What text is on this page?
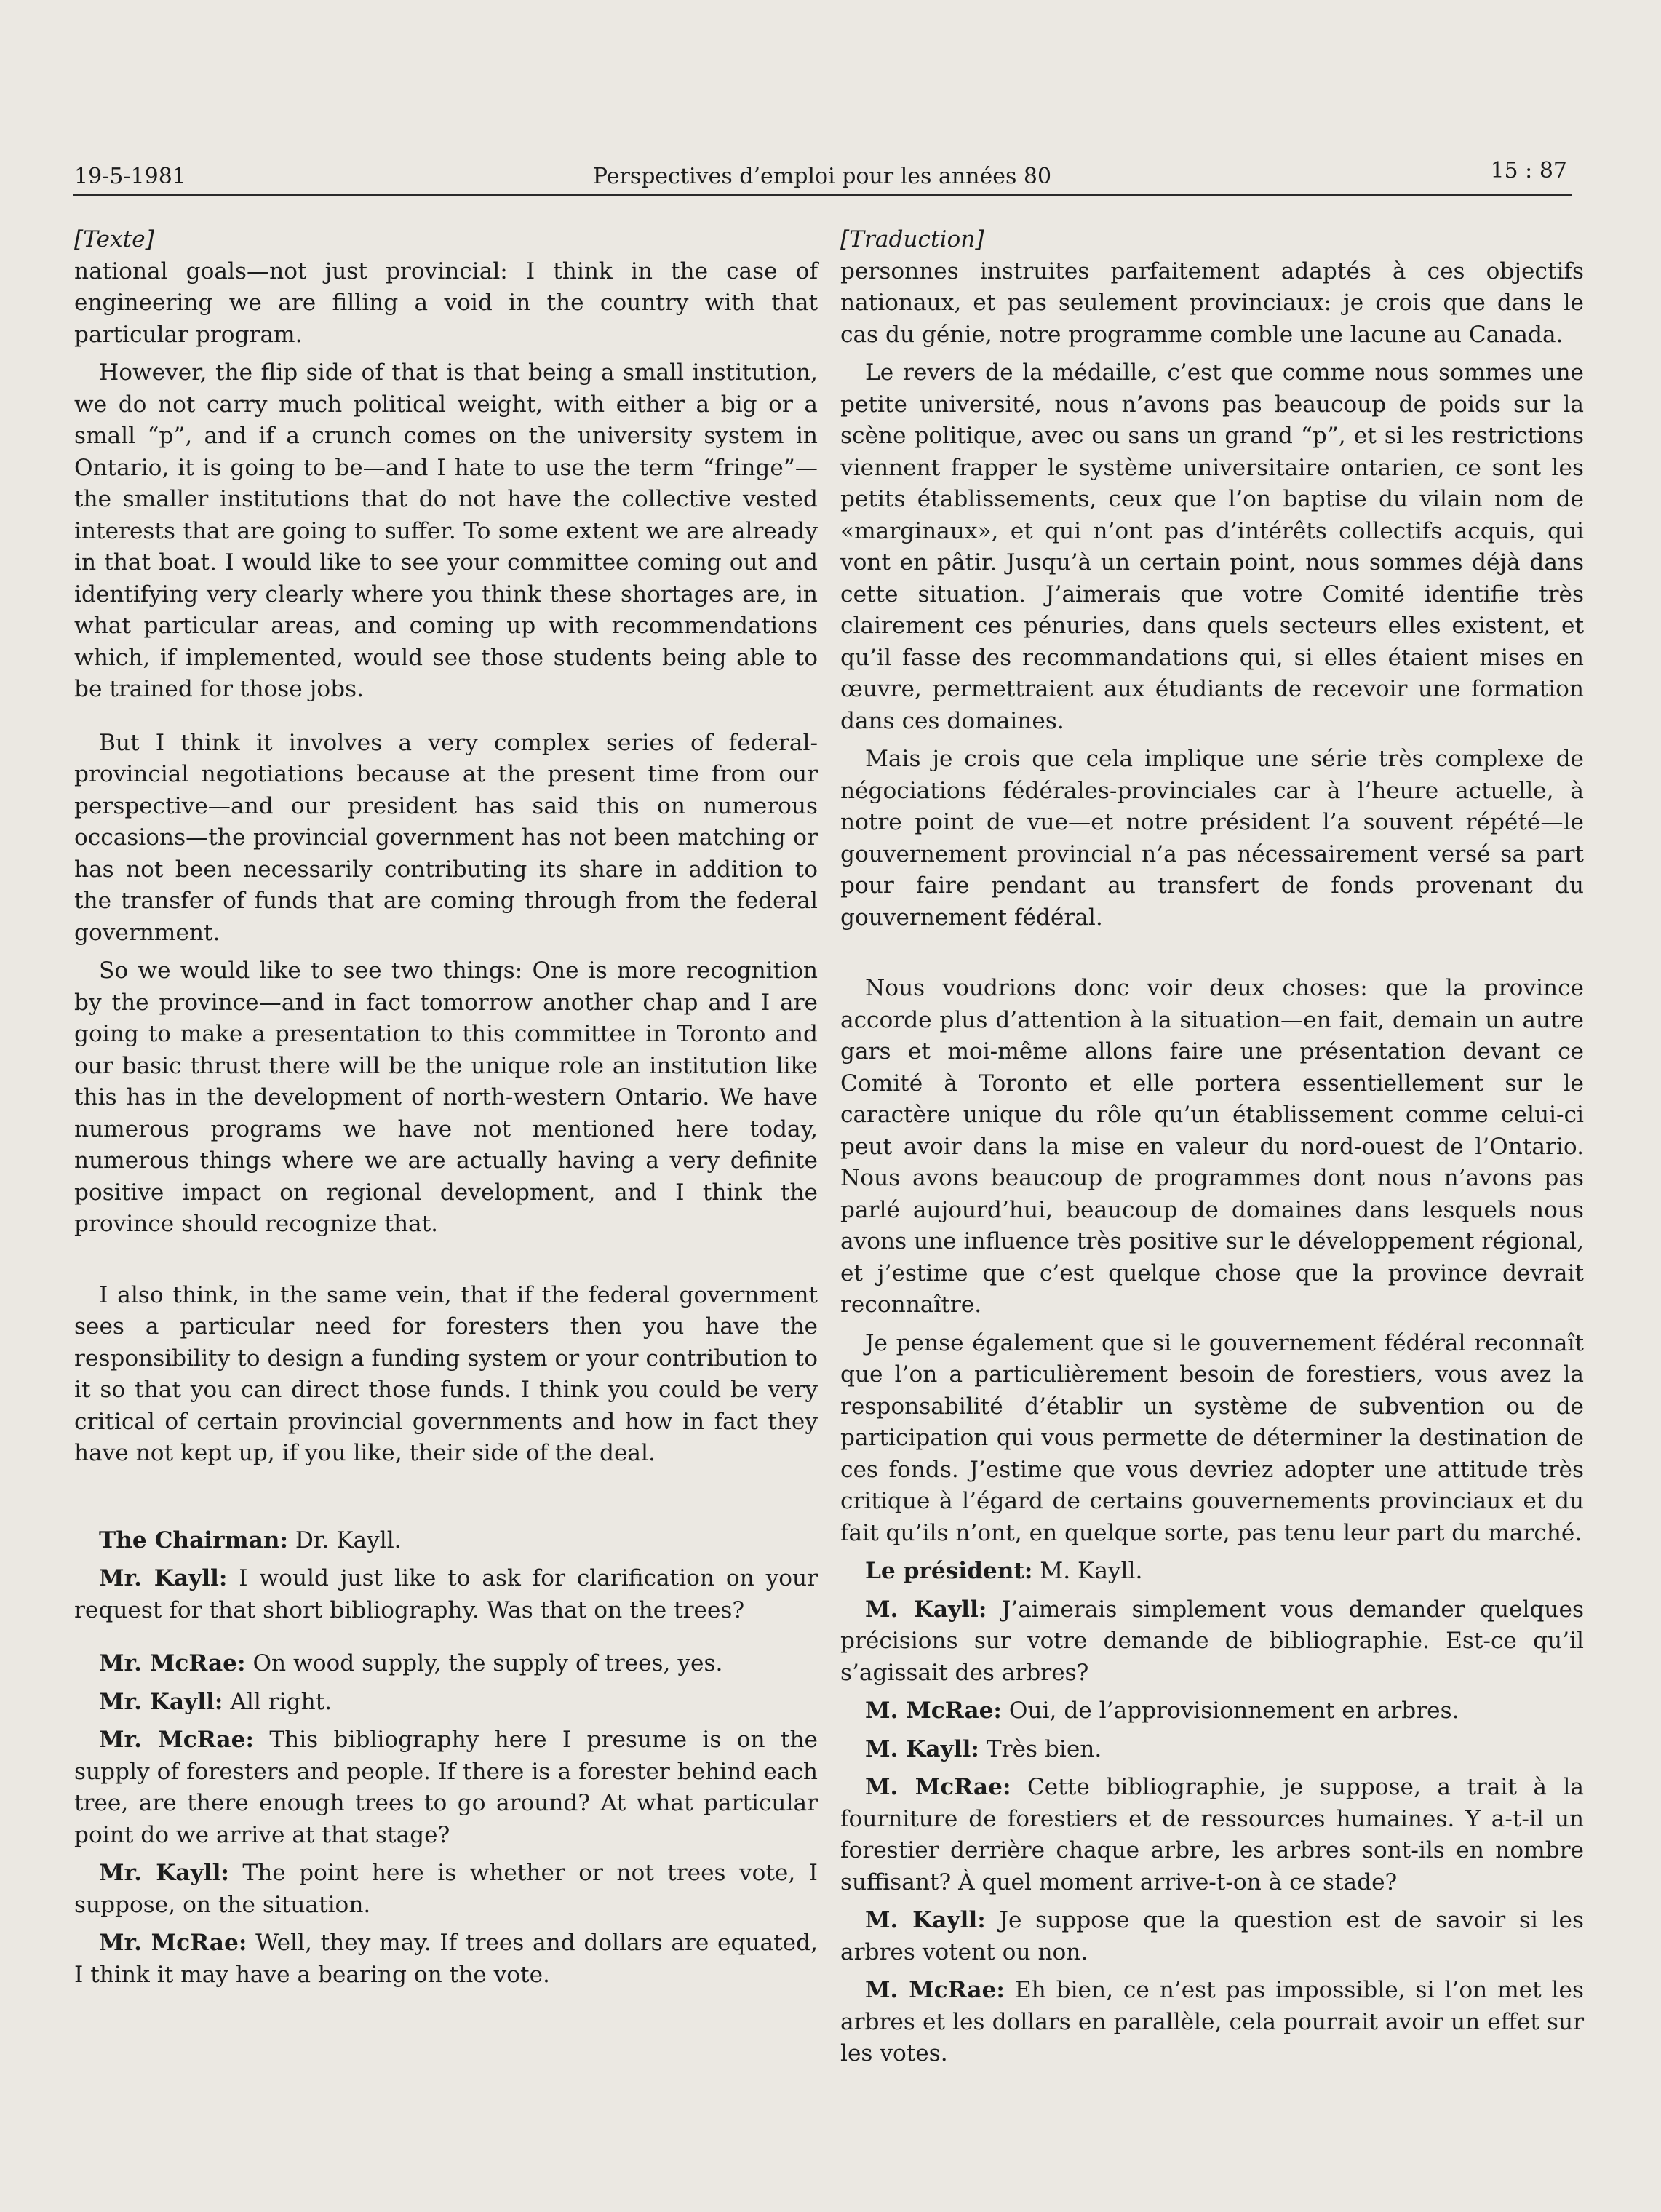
19-5-1981	Perspectives d’emploi pour les années 80	15 : 87

[Texte]

national goals—not just provincial: I think in the case of engineering we are filling a void in the country with that particular program.

However, the flip side of that is that being a small institution, we do not carry much political weight, with either a big or a small “p”, and if a crunch comes on the university system in Ontario, it is going to be—and I hate to use the term “fringe”—the smaller institutions that do not have the collective vested interests that are going to suffer. To some extent we are already in that boat. I would like to see your committee coming out and identifying very clearly where you think these shortages are, in what particular areas, and coming up with recommendations which, if implemented, would see those students being able to be trained for those jobs.

But I think it involves a very complex series of federal-provincial negotiations because at the present time from our perspective—and our president has said this on numerous occasions—the provincial government has not been matching or has not been necessarily contributing its share in addition to the transfer of funds that are coming through from the federal government.

So we would like to see two things: One is more recognition by the province—and in fact tomorrow another chap and I are going to make a presentation to this committee in Toronto and our basic thrust there will be the unique role an institution like this has in the development of north-western Ontario. We have numerous programs we have not mentioned here today, numerous things where we are actually having a very definite positive impact on regional development, and I think the province should recognize that.

I also think, in the same vein, that if the federal government sees a particular need for foresters then you have the responsibility to design a funding system or your contribution to it so that you can direct those funds. I think you could be very critical of certain provincial governments and how in fact they have not kept up, if you like, their side of the deal.

The Chairman: Dr. Kayll.

Mr. Kayll: I would just like to ask for clarification on your request for that short bibliography. Was that on the trees?

Mr. McRae: On wood supply, the supply of trees, yes.

Mr. Kayll: All right.

Mr. McRae: This bibliography here I presume is on the supply of foresters and people. If there is a forester behind each tree, are there enough trees to go around? At what particular point do we arrive at that stage?

Mr. Kayll: The point here is whether or not trees vote, I suppose, on the situation.

Mr. McRae: Well, they may. If trees and dollars are equated, I think it may have a bearing on the vote.

[Traduction]

personnes instruites parfaitement adaptés à ces objectifs nationaux, et pas seulement provinciaux: je crois que dans le cas du génie, notre programme comble une lacune au Canada.

Le revers de la médaille, c’est que comme nous sommes une petite université, nous n’avons pas beaucoup de poids sur la scène politique, avec ou sans un grand “p”, et si les restrictions viennent frapper le système universitaire ontarien, ce sont les petits établissements, ceux que l’on baptise du vilain nom de «marginaux», et qui n’ont pas d’intérêts collectifs acquis, qui vont en pâtir. Jusqu’à un certain point, nous sommes déjà dans cette situation. J’aimerais que votre Comité identifie très clairement ces pénuries, dans quels secteurs elles existent, et qu’il fasse des recommandations qui, si elles étaient mises en œuvre, permettraient aux étudiants de recevoir une formation dans ces domaines.

Mais je crois que cela implique une série très complexe de négociations fédérales-provinciales car à l’heure actuelle, à notre point de vue—et notre président l’a souvent répété—le gouvernement provincial n’a pas nécessairement versé sa part pour faire pendant au transfert de fonds provenant du gouvernement fédéral.

Nous voudrions donc voir deux choses: que la province accorde plus d’attention à la situation—en fait, demain un autre gars et moi-même allons faire une présentation devant ce Comité à Toronto et elle portera essentiellement sur le caractère unique du rôle qu’un établissement comme celui-ci peut avoir dans la mise en valeur du nord-ouest de l’Ontario. Nous avons beaucoup de programmes dont nous n’avons pas parlé aujourd’hui, beaucoup de domaines dans lesquels nous avons une influence très positive sur le développement régional, et j’estime que c’est quelque chose que la province devrait reconnaître.

Je pense également que si le gouvernement fédéral reconnaît que l’on a particulièrement besoin de forestiers, vous avez la responsabilité d’établir un système de subvention ou de participation qui vous permette de déterminer la destination de ces fonds. J’estime que vous devriez adopter une attitude très critique à l’égard de certains gouvernements provinciaux et du fait qu’ils n’ont, en quelque sorte, pas tenu leur part du marché.

Le président: M. Kayll.

M. Kayll: J’aimerais simplement vous demander quelques précisions sur votre demande de bibliographie. Est-ce qu’il s’agissait des arbres?

M. McRae: Oui, de l’approvisionnement en arbres.

M. Kayll: Très bien.

M. McRae: Cette bibliographie, je suppose, a trait à la fourniture de forestiers et de ressources humaines. Y a-t-il un forestier derrière chaque arbre, les arbres sont-ils en nombre suffisant? À quel moment arrive-t-on à ce stade?

M. Kayll: Je suppose que la question est de savoir si les arbres votent ou non.

M. McRae: Eh bien, ce n’est pas impossible, si l’on met les arbres et les dollars en parallèle, cela pourrait avoir un effet sur les votes.
